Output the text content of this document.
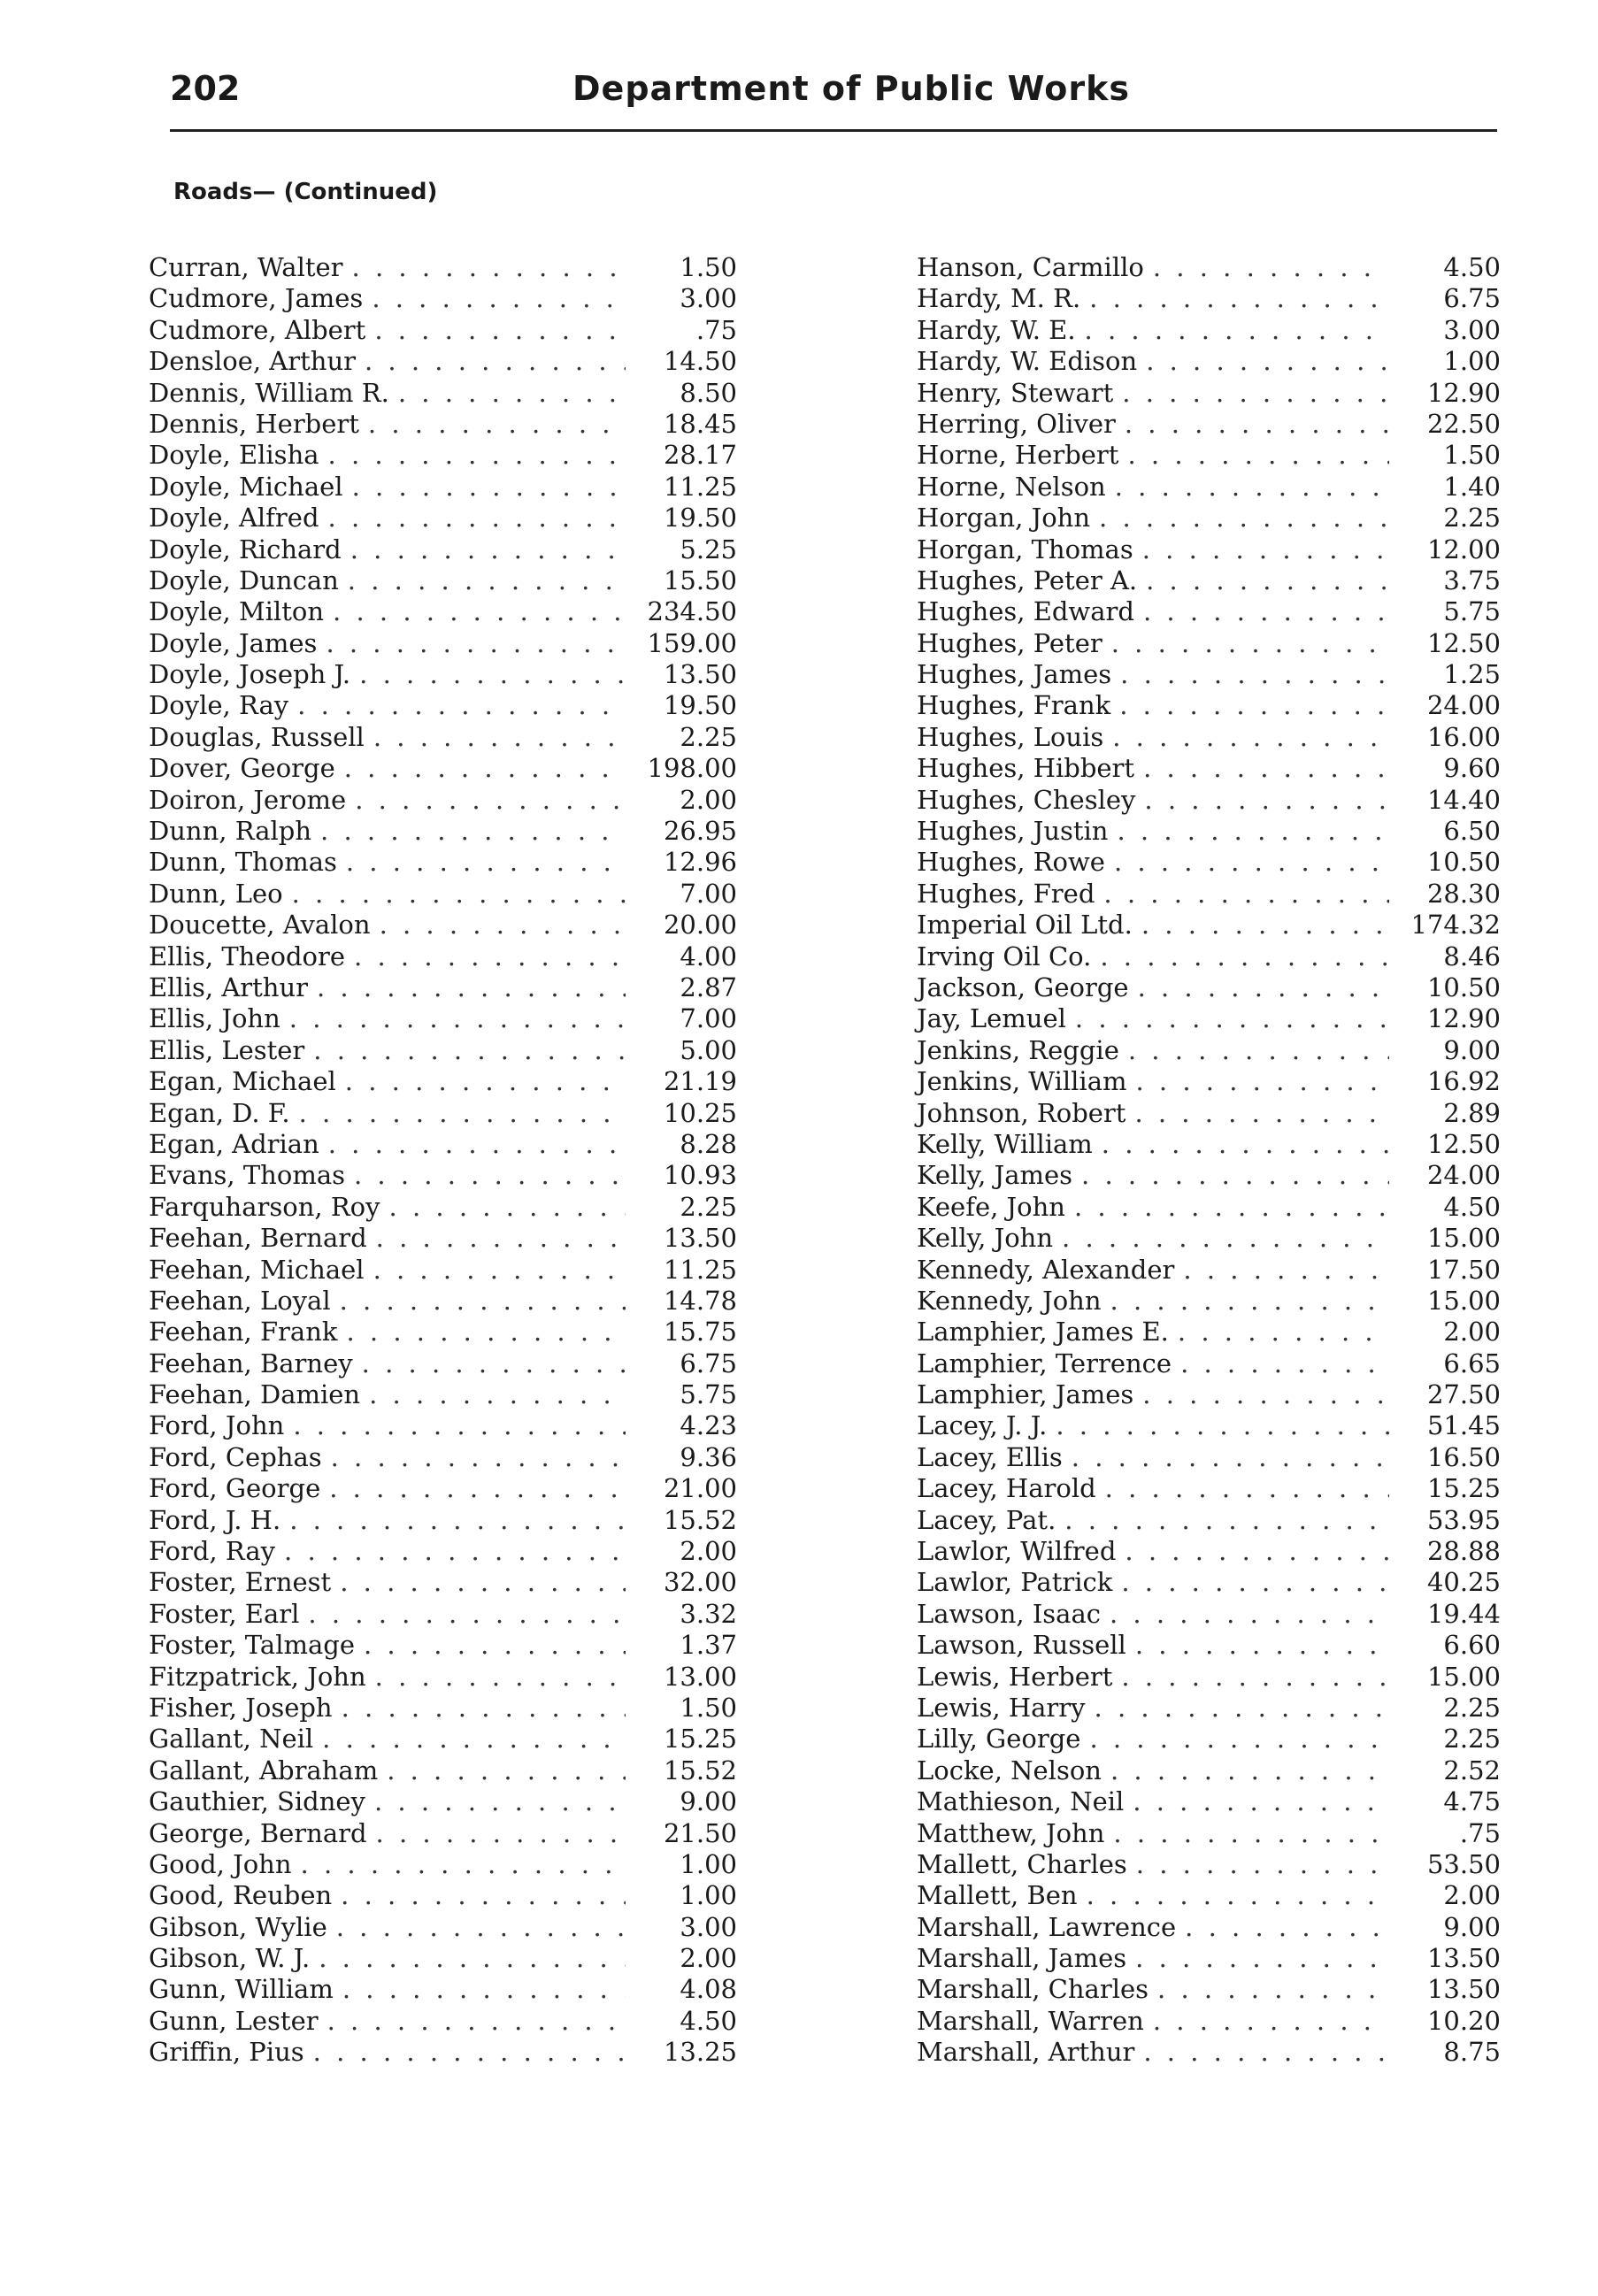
202	Department of Public Works
Roads— (Continued)
Curran, Walter . . .	1.50
Cudmore, James . . .	3.00
Cudmore, Albert . . .	.75
Densloe, Arthur . . .	14.50
Dennis, William R. . . .	8.50
Dennis, Herbert . . .	18.45
Doyle, Elisha . . .	28.17
Doyle, Michael . . .	11.25
Doyle, Alfred . . .	19.50
Doyle, Richard . . .	5.25
Doyle, Duncan . . .	15.50
Doyle, Milton . . .	234.50
Doyle, James . . .	159.00
Doyle, Joseph J. . . .	13.50
Doyle, Ray . . .	19.50
Douglas, Russell . . .	2.25
Dover, George . . .	198.00
Doiron, Jerome . . .	2.00
Dunn, Ralph . . .	26.95
Dunn, Thomas . . .	12.96
Dunn, Leo . . .	7.00
Doucette, Avalon . . .	20.00
Ellis, Theodore . . .	4.00
Ellis, Arthur . . .	2.87
Ellis, John . . .	7.00
Ellis, Lester . . .	5.00
Egan, Michael . . .	21.19
Egan, D. F. . . .	10.25
Egan, Adrian . . .	8.28
Evans, Thomas . . .	10.93
Farquharson, Roy . . .	2.25
Feehan, Bernard . . .	13.50
Feehan, Michael . . .	11.25
Feehan, Loyal . . .	14.78
Feehan, Frank . . .	15.75
Feehan, Barney . . .	6.75
Feehan, Damien . . .	5.75
Ford, John . . .	4.23
Ford, Cephas . . .	9.36
Ford, George . . .	21.00
Ford, J. H. . . .	15.52
Ford, Ray . . .	2.00
Foster, Ernest . . .	32.00
Foster, Earl . . .	3.32
Foster, Talmage . . .	1.37
Fitzpatrick, John . . .	13.00
Fisher, Joseph . . .	1.50
Gallant, Neil . . .	15.25
Gallant, Abraham . . .	15.52
Gauthier, Sidney . . .	9.00
George, Bernard . . .	21.50
Good, John . . .	1.00
Good, Reuben . . .	1.00
Gibson, Wylie . . .	3.00
Gibson, W. J. . . .	2.00
Gunn, William . . .	4.08
Gunn, Lester . . .	4.50
Griffin, Pius . . .	13.25
Hanson, Carmillo . . .	4.50
Hardy, M. R. . . .	6.75
Hardy, W. E. . . .	3.00
Hardy, W. Edison . . .	1.00
Henry, Stewart . . .	12.90
Herring, Oliver . . .	22.50
Horne, Herbert . . .	1.50
Horne, Nelson . . .	1.40
Horgan, John . . .	2.25
Horgan, Thomas . . .	12.00
Hughes, Peter A. . . .	3.75
Hughes, Edward . . .	5.75
Hughes, Peter . . .	12.50
Hughes, James . . .	1.25
Hughes, Frank . . .	24.00
Hughes, Louis . . .	16.00
Hughes, Hibbert . . .	9.60
Hughes, Chesley . . .	14.40
Hughes, Justin . . .	6.50
Hughes, Rowe . . .	10.50
Hughes, Fred . . .	28.30
Imperial Oil Ltd. . . .	174.32
Irving Oil Co. . . .	8.46
Jackson, George . . .	10.50
Jay, Lemuel . . .	12.90
Jenkins, Reggie . . .	9.00
Jenkins, William . . .	16.92
Johnson, Robert . . .	2.89
Kelly, William . . .	12.50
Kelly, James . . .	24.00
Keefe, John . . .	4.50
Kelly, John . . .	15.00
Kennedy, Alexander . . .	17.50
Kennedy, John . . .	15.00
Lamphier, James E. . . .	2.00
Lamphier, Terrence . . .	6.65
Lamphier, James . . .	27.50
Lacey, J. J. . . .	51.45
Lacey, Ellis . . .	16.50
Lacey, Harold . . .	15.25
Lacey, Pat. . . .	53.95
Lawlor, Wilfred . . .	28.88
Lawlor, Patrick . . .	40.25
Lawson, Isaac . . .	19.44
Lawson, Russell . . .	6.60
Lewis, Herbert . . .	15.00
Lewis, Harry . . .	2.25
Lilly, George . . .	2.25
Locke, Nelson . . .	2.52
Mathieson, Neil . . .	4.75
Matthew, John . . .	.75
Mallett, Charles . . .	53.50
Mallett, Ben . . .	2.00
Marshall, Lawrence . . .	9.00
Marshall, James . . .	13.50
Marshall, Charles . . .	13.50
Marshall, Warren . . .	10.20
Marshall, Arthur . . .	8.75
